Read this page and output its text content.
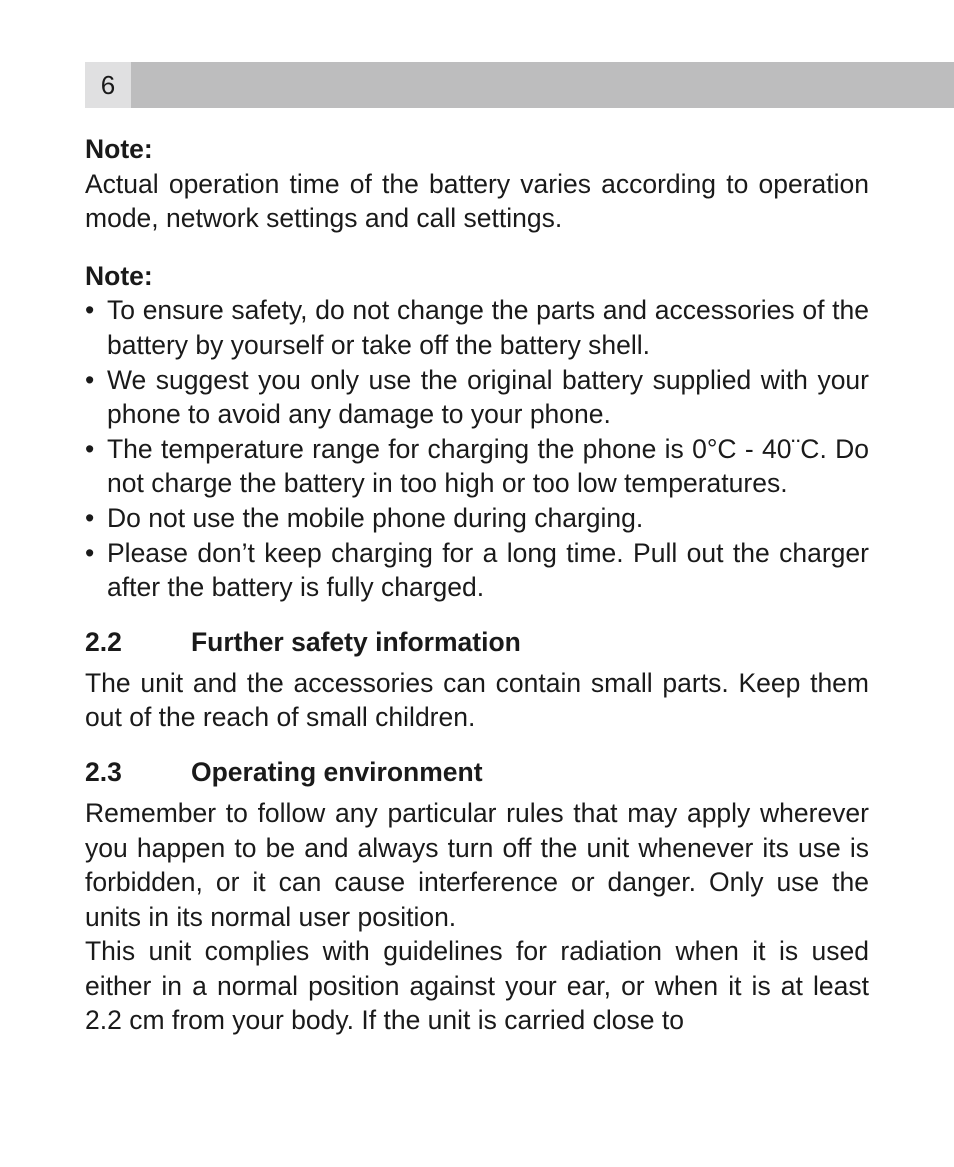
6

Note:

Actual operation time of the battery varies according to operation mode, network settings and call settings.

Note:

• To ensure safety, do not change the parts and accessories of the battery by yourself or take off the battery shell.
• We suggest you only use the original battery supplied with your phone to avoid any damage to your phone.
• The temperature range for charging the phone is 0°C - 40¨C. Do not charge the battery in too high or too low temperatures.
• Do not use the mobile phone during charging.
• Please don’t keep charging for a long time. Pull out the charger after the battery is fully charged.
2.2	Further safety information

The unit and the accessories can contain small parts. Keep them out of the reach of small children.

2.3	Operating environment

Remember to follow any particular rules that may apply wherever you happen to be and always turn off the unit whenever its use is forbidden, or it can cause interference or danger. Only use the units in its normal user position.

This unit complies with guidelines for radiation when it is used either in a normal position against your ear, or when it is at least 2.2 cm from your body. If the unit is carried close to
